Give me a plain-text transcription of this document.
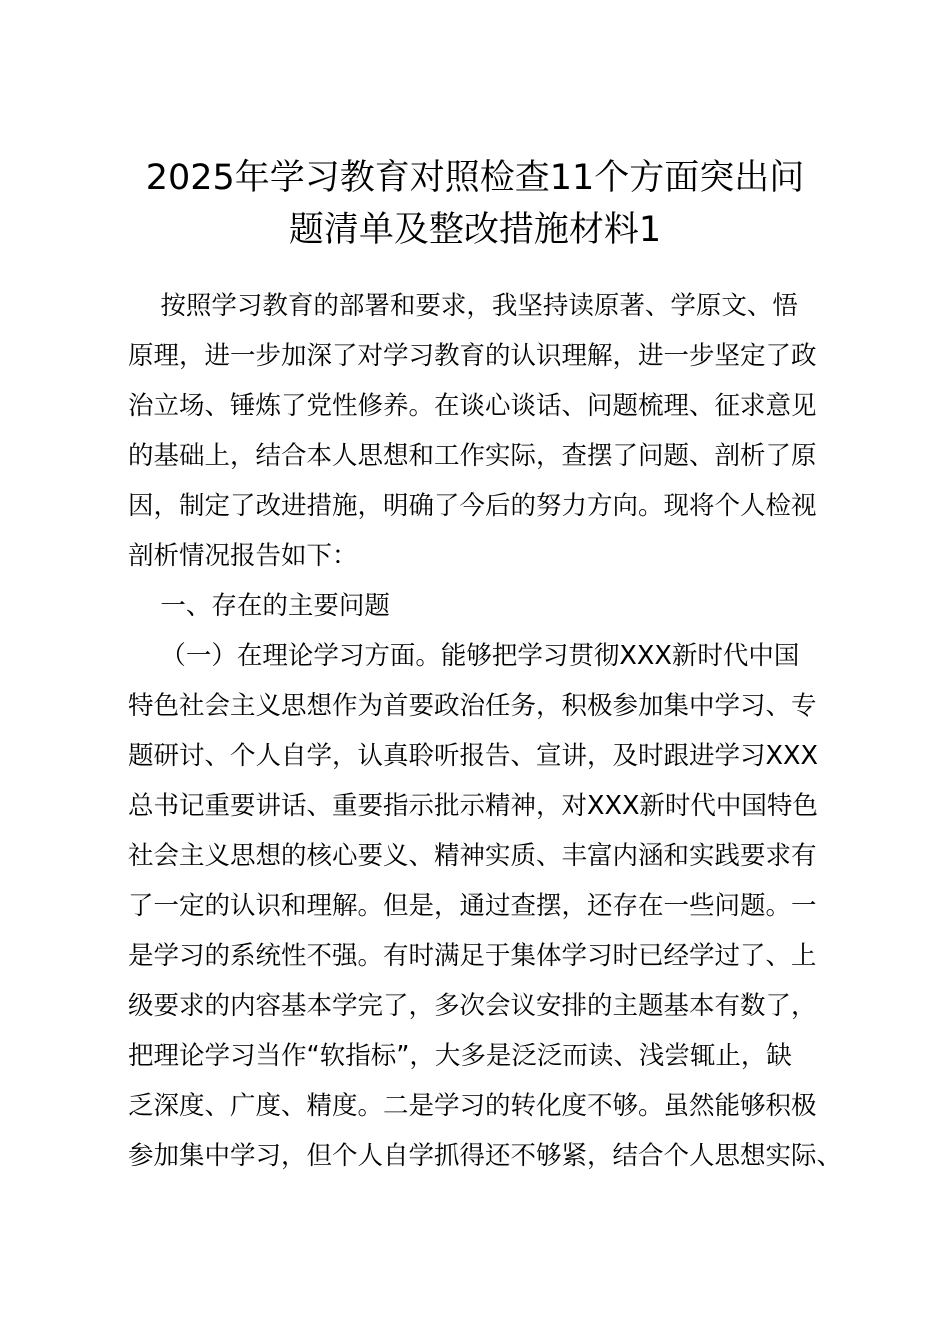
2025年学习教育对照检查11个方面突出问
题清单及整改措施材料1
按照学习教育的部署和要求，我坚持读原著、学原文、悟
原理，进一步加深了对学习教育的认识理解，进一步坚定了政
治立场、锤炼了党性修养。在谈心谈话、问题梳理、征求意见
的基础上，结合本人思想和工作实际，查摆了问题、剖析了原
因，制定了改进措施，明确了今后的努力方向。现将个人检视
剖析情况报告如下：
一、存在的主要问题
（一）在理论学习方面。能够把学习贯彻XXX新时代中国
特色社会主义思想作为首要政治任务，积极参加集中学习、专
题研讨、个人自学，认真聆听报告、宣讲，及时跟进学习XXX
总书记重要讲话、重要指示批示精神，对XXX新时代中国特色
社会主义思想的核心要义、精神实质、丰富内涵和实践要求有
了一定的认识和理解。但是，通过查摆，还存在一些问题。一
是学习的系统性不强。有时满足于集体学习时已经学过了、上
级要求的内容基本学完了，多次会议安排的主题基本有数了，
把理论学习当作“软指标”，大多是泛泛而读、浅尝辄止，缺
乏深度、广度、精度。二是学习的转化度不够。虽然能够积极
参加集中学习，但个人自学抓得还不够紧，结合个人思想实际、
